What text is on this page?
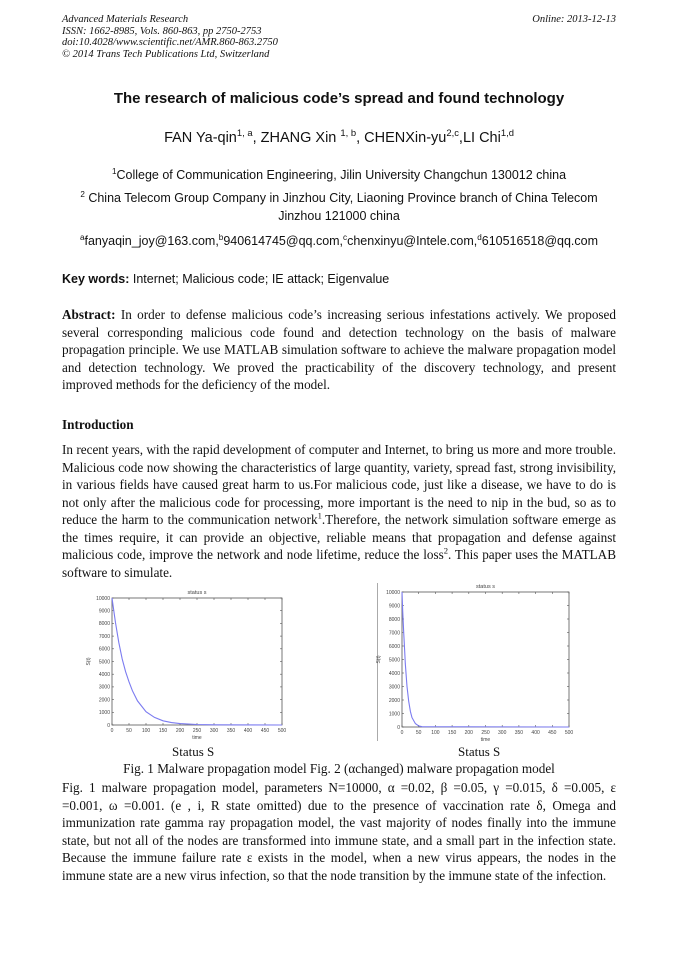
Advanced Materials Research
ISSN: 1662-8985, Vols. 860-863, pp 2750-2753
doi:10.4028/www.scientific.net/AMR.860-863.2750
© 2014 Trans Tech Publications Ltd, Switzerland
Online: 2013-12-13
The research of malicious code’s spread and found technology
FAN Ya-qin$^{1, a}$, ZHANG Xin $^{1, b}$, CHENXin-yu$^{2,c}$,LI Chi$^{1,d}$
$^1$College of Communication Engineering, Jilin University Changchun 130012 china
$^2$ China Telecom Group Company in Jinzhou City, Liaoning Province branch of China Telecom Jinzhou 121000 china
$^a$fanyaqin_joy@163.com,$^b$940614745@qq.com,$^c$chenxinyu@Intele.com,$^d$610516518@qq.com
Key words: Internet; Malicious code; IE attack; Eigenvalue
Abstract: In order to defense malicious code’s increasing serious infestations actively. We proposed several corresponding malicious code found and detection technology on the basis of malware propagation principle. We use MATLAB simulation software to achieve the malware propagation model and detection technology. We proved the practicability of the discovery technology, and present improved methods for the deficiency of the model.
Introduction
In recent years, with the rapid development of computer and Internet, to bring us more and more trouble. Malicious code now showing the characteristics of large quantity, variety, spread fast, strong invisibility, in various fields have caused great harm to us.For malicious code, just like a disease, we have to do is not only after the malicious code for processing, more important is the need to nip in the bud, so as to reduce the harm to the communication network$^1$.Therefore, the network simulation software emerge as the times require, it can provide an objective, reliable means that propagation and defense against malicious code, improve the network and node lifetime, reduce the loss$^2$. This paper uses the MATLAB software to simulate.
status s
0	50 100 150 200 250 300 350 400 450 500
0
1000
2000
3000
4000
5000
6000
7000
8000
9000
10000
time
S(t)
status s
0	50 100 150 200 250 300 350 400 450 500
0
1000
2000
3000
4000
5000
6000
7000
8000
9000
10000
time
S(t)
Status S	Status S
Fig. 1 Malware propagation model Fig. 2 (αchanged) malware propagation model
Fig. 1 malware propagation model, parameters N=10000, α =0.02, β =0.05, γ =0.015, δ =0.005, ε =0.001, ω =0.001. (e , i, R state omitted) due to the presence of vaccination rate δ, Omega and immunization rate gamma ray propagation model, the vast majority of nodes finally into the immune state, but not all of the nodes are transformed into immune state, and a small part in the infection state. Because the immune failure rate ε exists in the model, when a new virus appears, the nodes in the immune state are a new virus infection, so that the node transition by the immune state of the infection.
